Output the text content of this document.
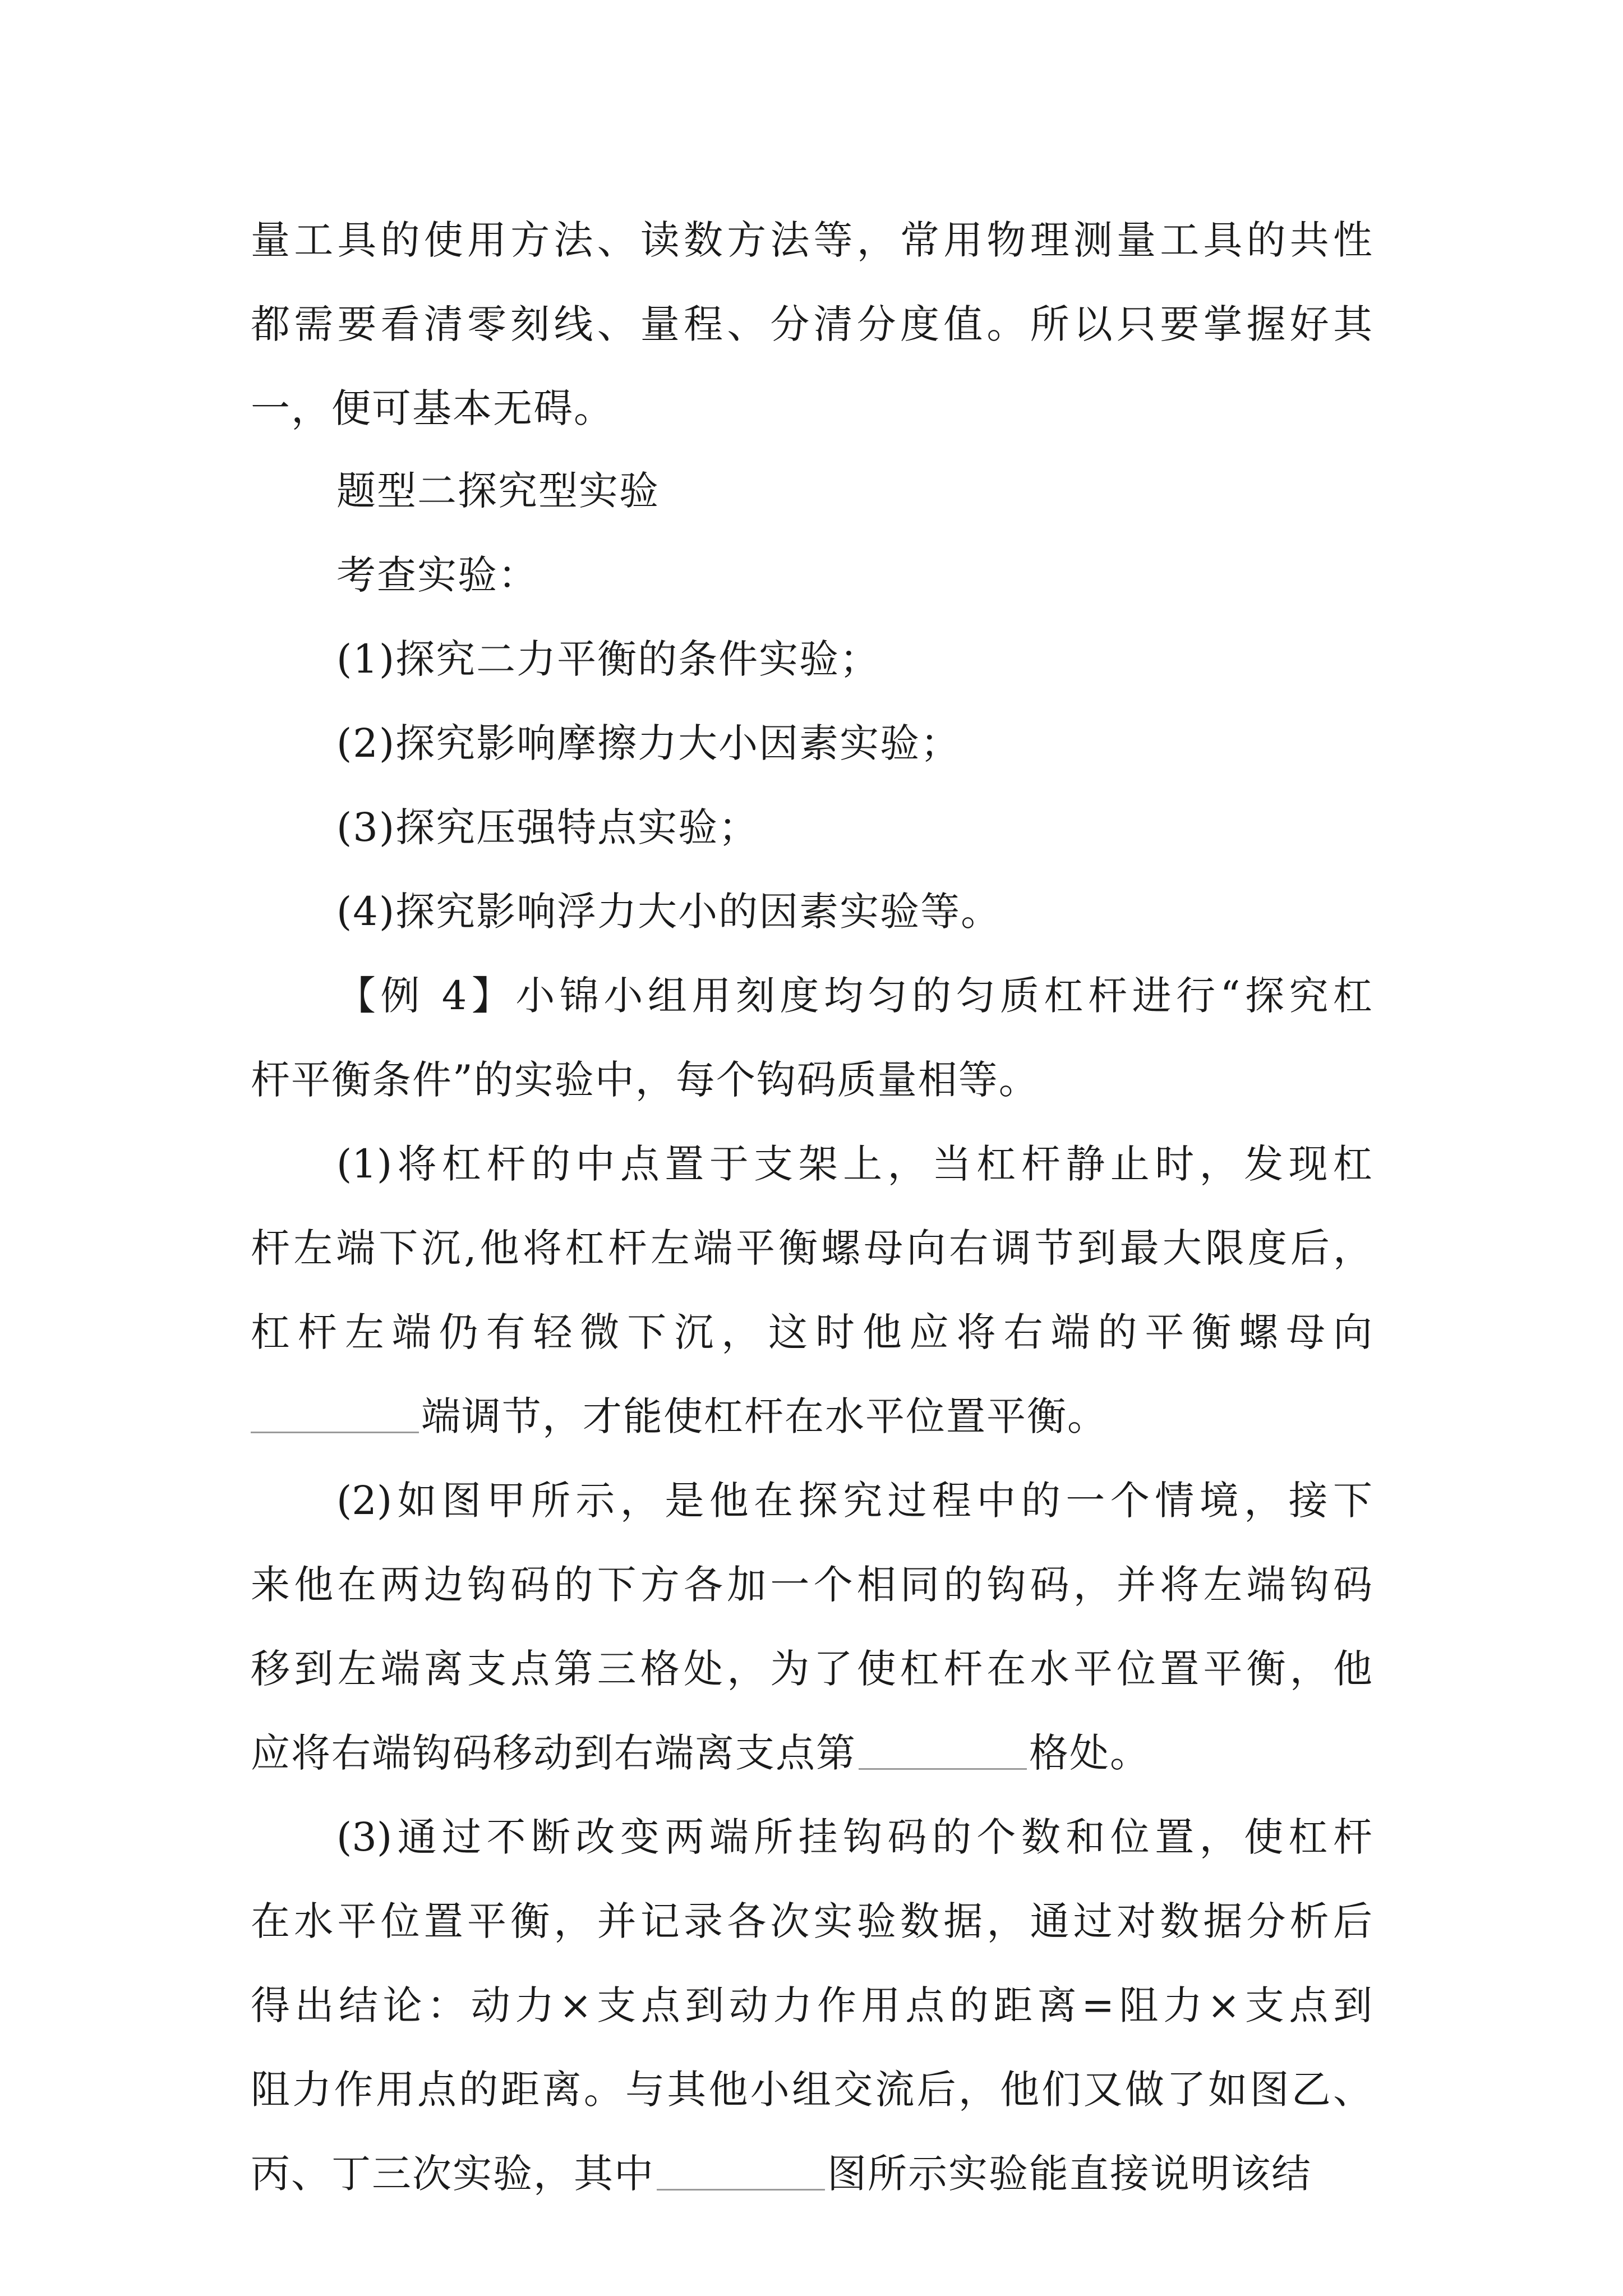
量工具的使用方法、读数方法等，常用物理测量工具的共性
都需要看清零刻线、量程、分清分度值。所以只要掌握好其
一，便可基本无碍。
题型二探究型实验
考查实验：
(1)探究二力平衡的条件实验；
(2)探究影响摩擦力大小因素实验；
(3)探究压强特点实验；
(4)探究影响浮力大小的因素实验等。
【例 4】小锦小组用刻度均匀的匀质杠杆进行“探究杠
杆平衡条件”的实验中，每个钩码质量相等。
(1)将杠杆的中点置于支架上，当杠杆静止时，发现杠
杆左端下沉,他将杠杆左端平衡螺母向右调节到最大限度后，
杠杆左端仍有轻微下沉，这时他应将右端的平衡螺母向
端调节，才能使杠杆在水平位置平衡。
(2)如图甲所示，是他在探究过程中的一个情境，接下
来他在两边钩码的下方各加一个相同的钩码，并将左端钩码
移到左端离支点第三格处，为了使杠杆在水平位置平衡，他
应将右端钩码移动到右端离支点第	格处。
(3)通过不断改变两端所挂钩码的个数和位置，使杠杆
在水平位置平衡，并记录各次实验数据，通过对数据分析后
得出结论：动力×支点到动力作用点的距离=阻力×支点到
阻力作用点的距离。与其他小组交流后，他们又做了如图乙、
丙、丁三次实验，其中	图所示实验能直接说明该结
